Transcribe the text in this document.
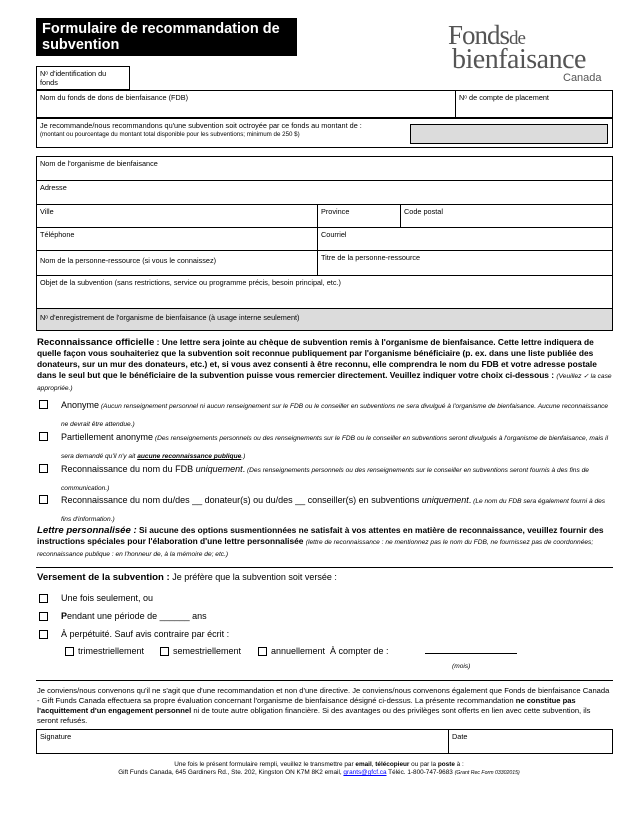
Formulaire de recommandation de subvention	Fondsde
bienfaisance
Canada
Nᵒ d'identification du fonds
Nom du fonds de dons de bienfaisance (FDB)	Nᵒ de compte de placement
Je recommande/nous recommandons qu'une subvention soit octroyée par ce fonds au montant de :
(montant ou pourcentage du montant total disponible pour les subventions; minimum de 250 $)
Nom de l'organisme de bienfaisance
Adresse
Ville	Province	Code postal
Téléphone	Courriel
Nom de la personne-ressource (si vous le connaissez)	Titre de la personne-ressource
Objet de la subvention (sans restrictions, service ou programme précis, besoin principal, etc.)
Nᵒ d'enregistrement de l'organisme de bienfaisance (à usage interne seulement)
Reconnaissance officielle : Une lettre sera jointe au chèque de subvention remis à l'organisme de bienfaisance. Cette lettre indiquera de quelle façon vous souhaiteriez que la subvention soit reconnue publiquement par l'organisme bénéficiaire (p. ex. dans une liste publiée des donateurs, sur un mur des donateurs, etc.) et, si vous avez consenti à être reconnu, elle comprendra le nom du FDB et votre adresse postale dans le seul but que le bénéficiaire de la subvention puisse vous remercier directement. Veuillez indiquer votre choix ci-dessous : (Veuillez ✓ la case appropriée.)
Anonyme (Aucun renseignement personnel ni aucun renseignement sur le FDB ou le conseiller en subventions ne sera divulgué à l'organisme de bienfaisance. Aucune reconnaissance ne devrait être attendue.)
Partiellement anonyme (Des renseignements personnels ou des renseignements sur le FDB ou le conseiller en subventions seront divulgués à l'organisme de bienfaisance, mais il sera demandé qu'il n'y ait aucune reconnaissance publique.)
Reconnaissance du nom du FDB uniquement. (Des renseignements personnels ou des renseignements sur le conseiller en subventions seront fournis à des fins de communication.)
Reconnaissance du nom du/des __ donateur(s) ou du/des __ conseiller(s) en subventions uniquement. (Le nom du FDB sera également fourni à des fins d'information.)
Lettre personnalisée : Si aucune des options susmentionnées ne satisfait à vos attentes en matière de reconnaissance, veuillez fournir des instructions spéciales pour l'élaboration d'une lettre personnalisée (lettre de reconnaissance : ne mentionnez pas le nom du FDB, ne fournissez pas de coordonnées; reconnaissance publique : en l'honneur de, à la mémoire de; etc.)
Versement de la subvention : Je préfère que la subvention soit versée :
Une fois seulement, ou
Pendant une période de ______ ans
À perpétuité. Sauf avis contraire par écrit :
trimestriellement	semestriellement	annuellement À compter de :
(mois)
Je conviens/nous convenons qu'il ne s'agit que d'une recommandation et non d'une directive. Je conviens/nous convenons également que Fonds de bienfaisance Canada - Gift Funds Canada effectuera sa propre évaluation concernant l'organisme de bienfaisance désigné ci-dessus. La présente recommandation ne constitue pas l'acquittement d'un engagement personnel ni de toute autre obligation financière. Si des avantages ou des privilèges sont offerts en lien avec cette subvention, ils seront refusés.
Signature	Date
Une fois le présent formulaire rempli, veuillez le transmettre par email, télécopieur ou par la poste à :
Gift Funds Canada, 645 Gardiners Rd., Ste. 202, Kingston ON K7M 8K2 email, grants@gfcf.ca Téléc. 1-800-747-9683 (Grant Rec Form 03302015)
